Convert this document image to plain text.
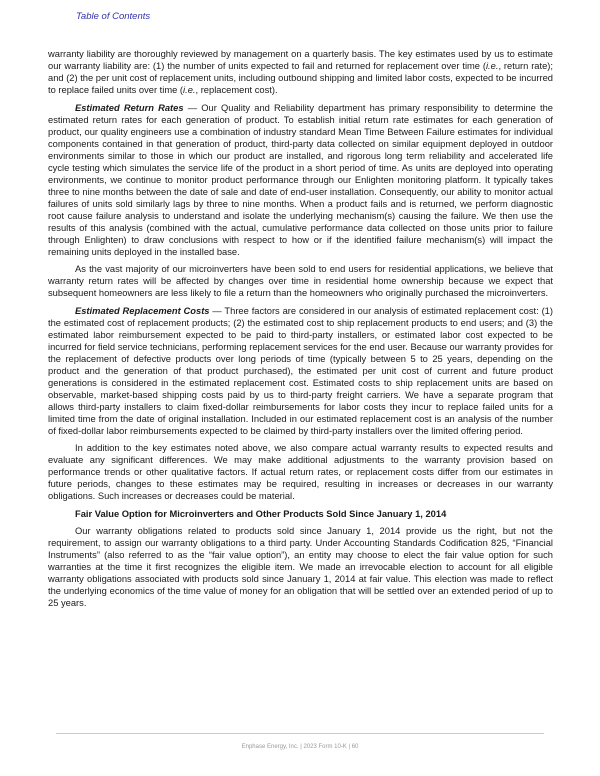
Table of Contents

warranty liability are thoroughly reviewed by management on a quarterly basis. The key estimates used by us to estimate our warranty liability are: (1) the number of units expected to fail and returned for replacement over time (i.e., return rate); and (2) the per unit cost of replacement units, including outbound shipping and limited labor costs, expected to be incurred to replace failed units over time (i.e., replacement cost).

Estimated Return Rates — Our Quality and Reliability department has primary responsibility to determine the estimated return rates for each generation of product. To establish initial return rate estimates for each generation of product, our quality engineers use a combination of industry standard Mean Time Between Failure estimates for individual components contained in that generation of product, third-party data collected on similar equipment deployed in outdoor environments similar to those in which our product are installed, and rigorous long term reliability and accelerated life cycle testing which simulates the service life of the product in a short period of time. As units are deployed into operating environments, we continue to monitor product performance through our Enlighten monitoring platform. It typically takes three to nine months between the date of sale and date of end-user installation. Consequently, our ability to monitor actual failures of units sold similarly lags by three to nine months. When a product fails and is returned, we perform diagnostic root cause failure analysis to understand and isolate the underlying mechanism(s) causing the failure. We then use the results of this analysis (combined with the actual, cumulative performance data collected on those units prior to failure through Enlighten) to draw conclusions with respect to how or if the identified failure mechanism(s) will impact the remaining units deployed in the installed base.

As the vast majority of our microinverters have been sold to end users for residential applications, we believe that warranty return rates will be affected by changes over time in residential home ownership because we expect that subsequent homeowners are less likely to file a return than the homeowners who originally purchased the microinverters.

Estimated Replacement Costs — Three factors are considered in our analysis of estimated replacement cost: (1) the estimated cost of replacement products; (2) the estimated cost to ship replacement products to end users; and (3) the estimated labor reimbursement expected to be paid to third-party installers, or estimated labor cost expected to be incurred for field service technicians, performing replacement services for the end user. Because our warranty provides for the replacement of defective products over long periods of time (typically between 5 to 25 years, depending on the product and the generation of that product purchased), the estimated per unit cost of current and future product generations is considered in the estimated replacement cost. Estimated costs to ship replacement units are based on observable, market-based shipping costs paid by us to third-party freight carriers. We have a separate program that allows third-party installers to claim fixed-dollar reimbursements for labor costs they incur to replace failed units for a limited time from the date of original installation. Included in our estimated replacement cost is an analysis of the number of fixed-dollar labor reimbursements expected to be claimed by third-party installers over the limited offering period.

In addition to the key estimates noted above, we also compare actual warranty results to expected results and evaluate any significant differences. We may make additional adjustments to the warranty provision based on performance trends or other qualitative factors. If actual return rates, or replacement costs differ from our estimates in future periods, changes to these estimates may be required, resulting in increases or decreases in our warranty obligations. Such increases or decreases could be material.

Fair Value Option for Microinverters and Other Products Sold Since January 1, 2014

Our warranty obligations related to products sold since January 1, 2014 provide us the right, but not the requirement, to assign our warranty obligations to a third party. Under Accounting Standards Codification 825, “Financial Instruments” (also referred to as the “fair value option”), an entity may choose to elect the fair value option for such warranties at the time it first recognizes the eligible item. We made an irrevocable election to account for all eligible warranty obligations associated with products sold since January 1, 2014 at fair value. This election was made to reflect the underlying economics of the time value of money for an obligation that will be settled over an extended period of up to 25 years.

Enphase Energy, Inc. | 2023 Form 10-K | 60
